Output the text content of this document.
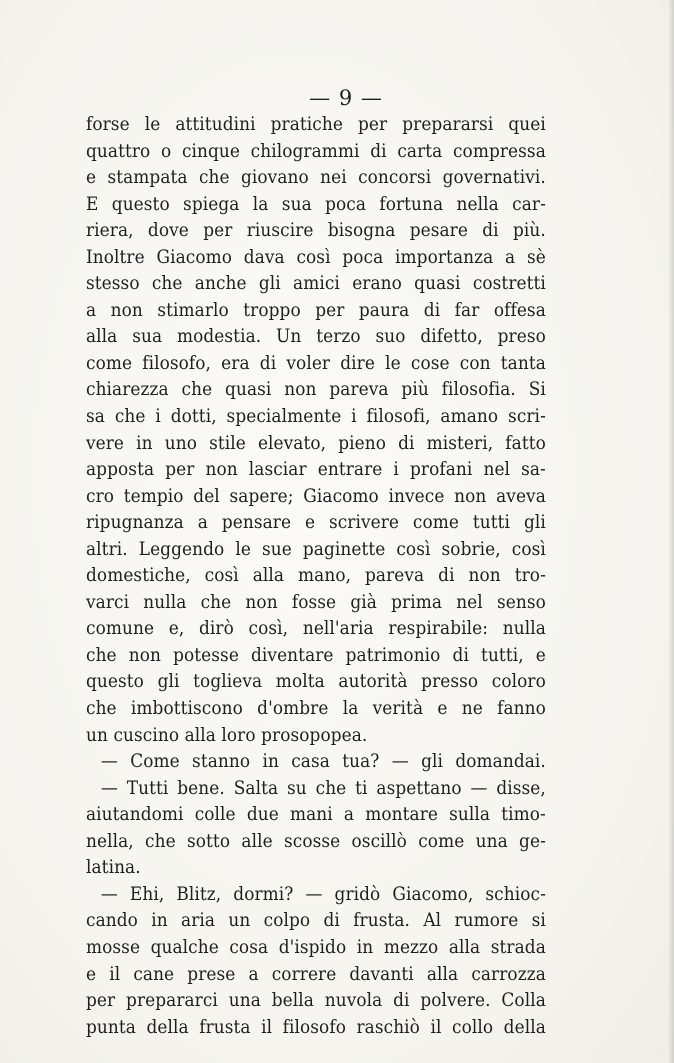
— 9 —
forse le attitudini pratiche per prepararsi quei
quattro o cinque chilogrammi di carta compressa
e stampata che giovano nei concorsi governativi.
E questo spiega la sua poca fortuna nella car-
riera, dove per riuscire bisogna pesare di più.
Inoltre Giacomo dava così poca importanza a sè
stesso che anche gli amici erano quasi costretti
a non stimarlo troppo per paura di far offesa
alla sua modestia. Un terzo suo difetto, preso
come filosofo, era di voler dire le cose con tanta
chiarezza che quasi non pareva più filosofia. Si
sa che i dotti, specialmente i filosofi, amano scri-
vere in uno stile elevato, pieno di misteri, fatto
apposta per non lasciar entrare i profani nel sa-
cro tempio del sapere; Giacomo invece non aveva
ripugnanza a pensare e scrivere come tutti gli
altri. Leggendo le sue paginette così sobrie, così
domestiche, così alla mano, pareva di non tro-
varci nulla che non fosse già prima nel senso
comune e, dirò così, nell'aria respirabile: nulla
che non potesse diventare patrimonio di tutti, e
questo gli toglieva molta autorità presso coloro
che imbottiscono d'ombre la verità e ne fanno
un cuscino alla loro prosopopea.
— Come stanno in casa tua? — gli domandai.
— Tutti bene. Salta su che ti aspettano — disse,
aiutandomi colle due mani a montare sulla timo-
nella, che sotto alle scosse oscillò come una ge-
latina.
— Ehi, Blitz, dormi? — gridò Giacomo, schioc-
cando in aria un colpo di frusta. Al rumore si
mosse qualche cosa d'ispido in mezzo alla strada
e il cane prese a correre davanti alla carrozza
per prepararci una bella nuvola di polvere. Colla
punta della frusta il filosofo raschiò il collo della
